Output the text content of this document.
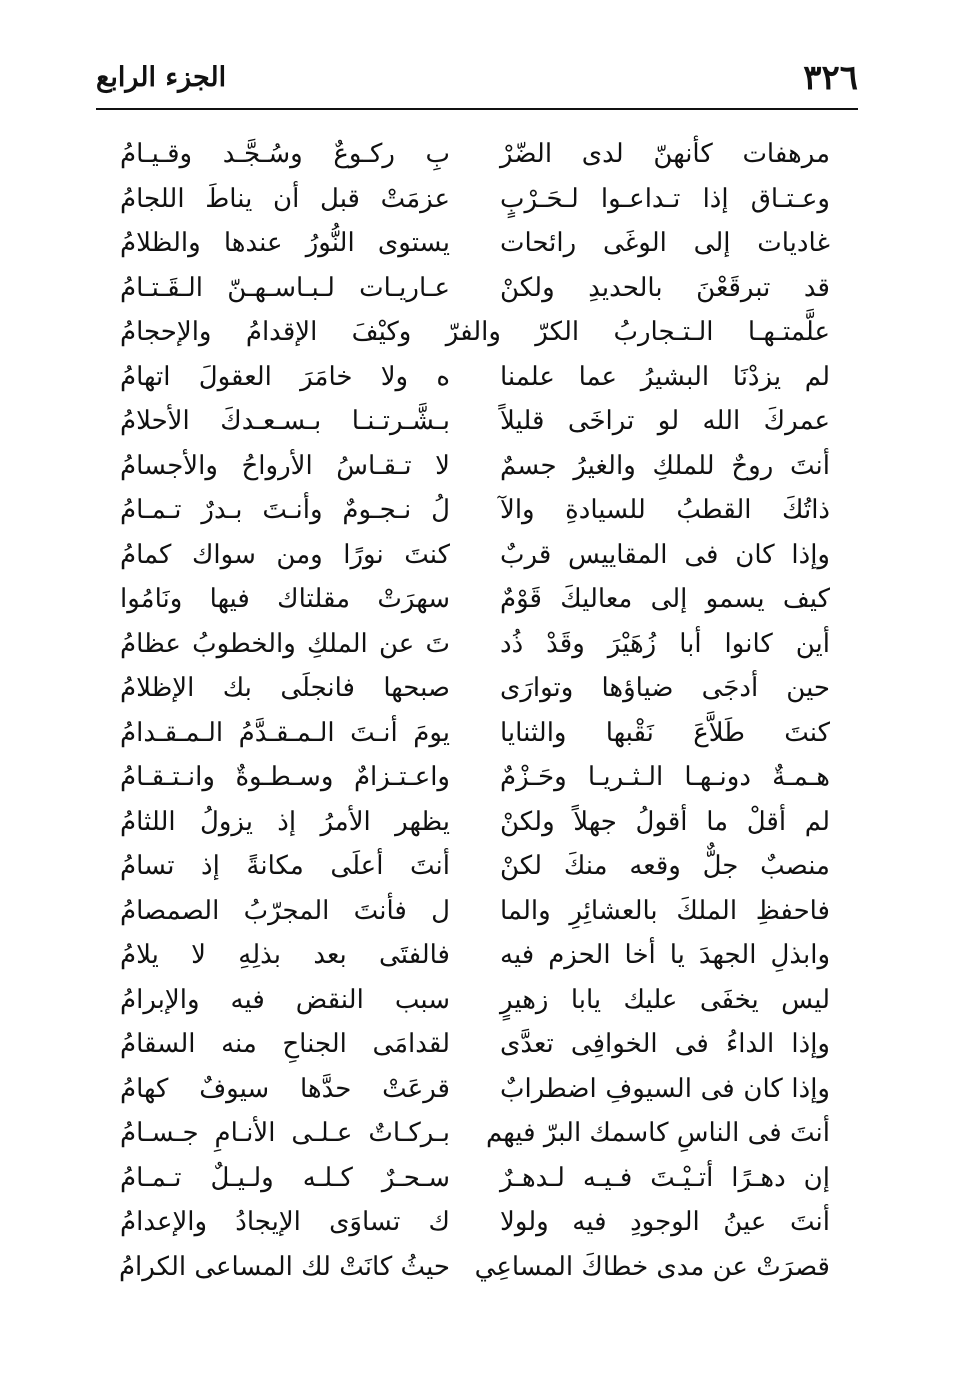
٣٢٦
الجزء الرابع
مرهفات كأنهنّ لدى الضّرْ
بِ ركـوعٌ وسُـجَّـد وقـيـامُ
وعـتـاق إذا تـداعـوا لـحَـرْبٍ
عزمَتْ قبل أن يناطَ اللجامُ
غاديات إلى الوغَى رائحات
يستوى النُّورُ عندها والظلامُ
قد تبرقَعْنَ بالحديدِ ولكنْ
عـاريـات لـبـاسـهـنّ الـقَـتـامُ
علَّمتـهـا الـتـجاربُ الكرّ والفرّ وكيْفَ الإقدامُ والإحجامُ
لم يزدْنَا البشيرُ عما علمنا
ه ولا خامَرَ العقولَ اتهامُ
عمركَ الله لو تراخَى قليلاً
بـشَّـرتـنـا بـسـعـدكَ الأحلامُ
أنتَ روحٌ للملكِ والغيرُ جسمٌ
لا تـقـاسُ الأرواحُ والأجسامُ
ذاتُكَ القطبُ للسيادةِ والآ
لُ نـجـومٌ وأنـتَ بـدرٌ تـمـامُ
وإذا كان فى المقاييس قربٌ
كنتَ نورًا ومن سواك كمامُ
كيف يسمو إلى معاليكَ قَوْمٌ
سهرَتْ مقلتاك فيها ونَامُوا
أين كانوا أبا زُهَيْرَ وقَدْ ذُد
تَ عن الملكِ والخطوبُ عظامُ
حين أدجَى ضياؤها وتوارَى
صبحها فانجلَى بك الإظلامُ
كنتَ طَلاَّعَ نَقْبها والثنايا
يومَ أنـتَ الـمـقـدَّمُ الـمـقـدامُ
هـمـةٌ دونـهـا الـثـريـا وحَـزْمٌ
واعـتـزامٌ وسـطـوةٌ وانـتـقـامُ
لم أقلْ ما أقولُ جهلاً ولكنْ
يظهر الأمرُ إذ يزولُ اللثامُ
منصبٌ جلٌّ وقعه منكَ لكنْ
أنتَ أعلَى مكانةً إذ تسامُ
فاحفظِ الملكَ بالعشائِرِ والما
ل فأنتَ المجرّبُ الصمصامُ
وابذلِ الجهدَ يا أخا الحزم فيه
فالفتَى بعد بذلِهِ لا يلامُ
ليس يخفَى عليك يابا زهيرٍ
سبب النقض فيه والإبرامُ
وإذا الداءُ فى الخوافِى تعدَّى
لقدامَى الجناحِ منه السقامُ
وإذا كان فى السيوفِ اضطرابٌ
قرعَتْ حدَّها سيوفٌ كهامُ
أنتَ فى الناسِ كاسمك البرّ فيهم
بـركـاتٌ عـلـى الأنـامِ جـسـامُ
إن دهـرًا أتـيْـتَ فـيـه لـدهـرٌ
سـحـرٌ كـلـه ولـيـلٌ تـمـامُ
أنتَ عينُ الوجودِ فيه ولولا
ك تساوَى الإيجادُ والإعدامُ
قصرَتْ عن مدى خطاكَ المساعِي
حيثُ كانَتْ لك المساعى الكرامُ
